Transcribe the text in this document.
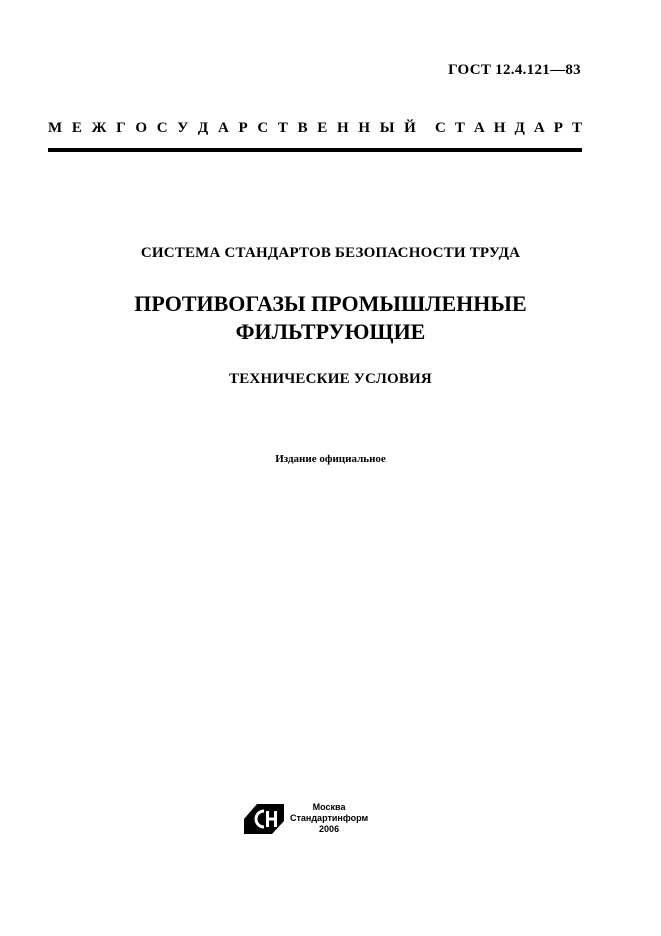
ГОСТ 12.4.121—83
М Е Ж Г О С У Д А Р С Т В Е Н Н Ы Й С Т А Н Д А Р Т
СИСТЕМА СТАНДАРТОВ БЕЗОПАСНОСТИ ТРУДА
ПРОТИВОГАЗЫ ПРОМЫШЛЕННЫЕ
ФИЛЬТРУЮЩИЕ
ТЕХНИЧЕСКИЕ УСЛОВИЯ
Издание официальное
Москва
Стандартинформ
2006
